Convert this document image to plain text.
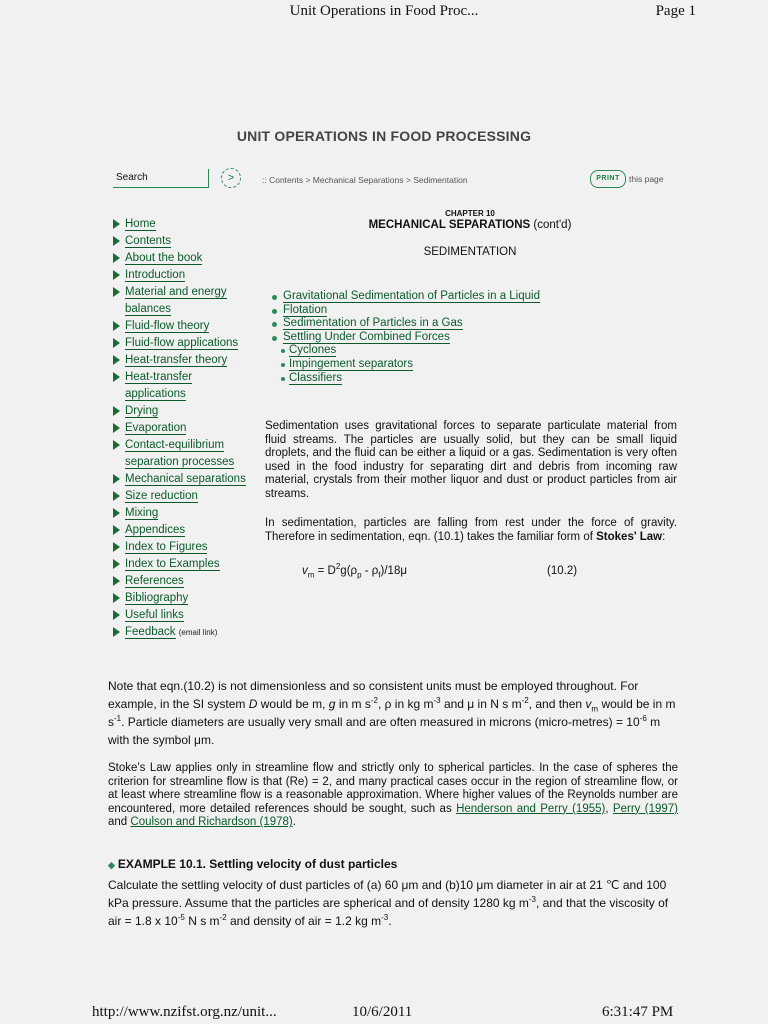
Unit Operations in Food Proc...	Page 1
UNIT OPERATIONS IN FOOD PROCESSING
Search	>	:: Contents > Mechanical Separations > Sedimentation	PRINT	this page
Home
Contents
About the book
Introduction
Material and energy balances
Fluid-flow theory
Fluid-flow applications
Heat-transfer theory
Heat-transfer applications
Drying
Evaporation
Contact-equilibrium separation processes
Mechanical separations
Size reduction
Mixing
Appendices
Index to Figures
Index to Examples
References
Bibliography
Useful links
Feedback (email link)
CHAPTER 10
MECHANICAL SEPARATIONS (cont'd)
SEDIMENTATION
Gravitational Sedimentation of Particles in a Liquid
Flotation
Sedimentation of Particles in a Gas
Settling Under Combined Forces
Cyclones
Impingement separators
Classifiers
Sedimentation uses gravitational forces to separate particulate material from fluid streams. The particles are usually solid, but they can be small liquid droplets, and the fluid can be either a liquid or a gas. Sedimentation is very often used in the food industry for separating dirt and debris from incoming raw material, crystals from their mother liquor and dust or product particles from air streams.
In sedimentation, particles are falling from rest under the force of gravity. Therefore in sedimentation, eqn. (10.1) takes the familiar form of Stokes' Law:
$v_m = D^2g(\rho_p - \rho_f)/18\mu$	(10.2)
Note that eqn.(10.2) is not dimensionless and so consistent units must be employed throughout. For example, in the SI system D would be m, g in m $s^{-2}$, ρ in kg $m^{-3}$ and μ in N s $m^{-2}$, and then $v_m$ would be in m $s^{-1}$. Particle diameters are usually very small and are often measured in microns (micro-metres) = $10^{-6}$ m with the symbol μm.
Stoke's Law applies only in streamline flow and strictly only to spherical particles. In the case of spheres the criterion for streamline flow is that (Re) = 2, and many practical cases occur in the region of streamline flow, or at least where streamline flow is a reasonable approximation. Where higher values of the Reynolds number are encountered, more detailed references should be sought, such as Henderson and Perry (1955), Perry (1997) and Coulson and Richardson (1978).
◆ EXAMPLE 10.1. Settling velocity of dust particles
Calculate the settling velocity of dust particles of (a) 60 μm and (b)10 μm diameter in air at 21 ℃ and 100 kPa pressure. Assume that the particles are spherical and of density 1280 kg $m^{-3}$, and that the viscosity of air = 1.8 x $10^{-5}$ N s $m^{-2}$ and density of air = 1.2 kg $m^{-3}$.
http://www.nzifst.org.nz/unit...	10/6/2011	6:31:47 PM
